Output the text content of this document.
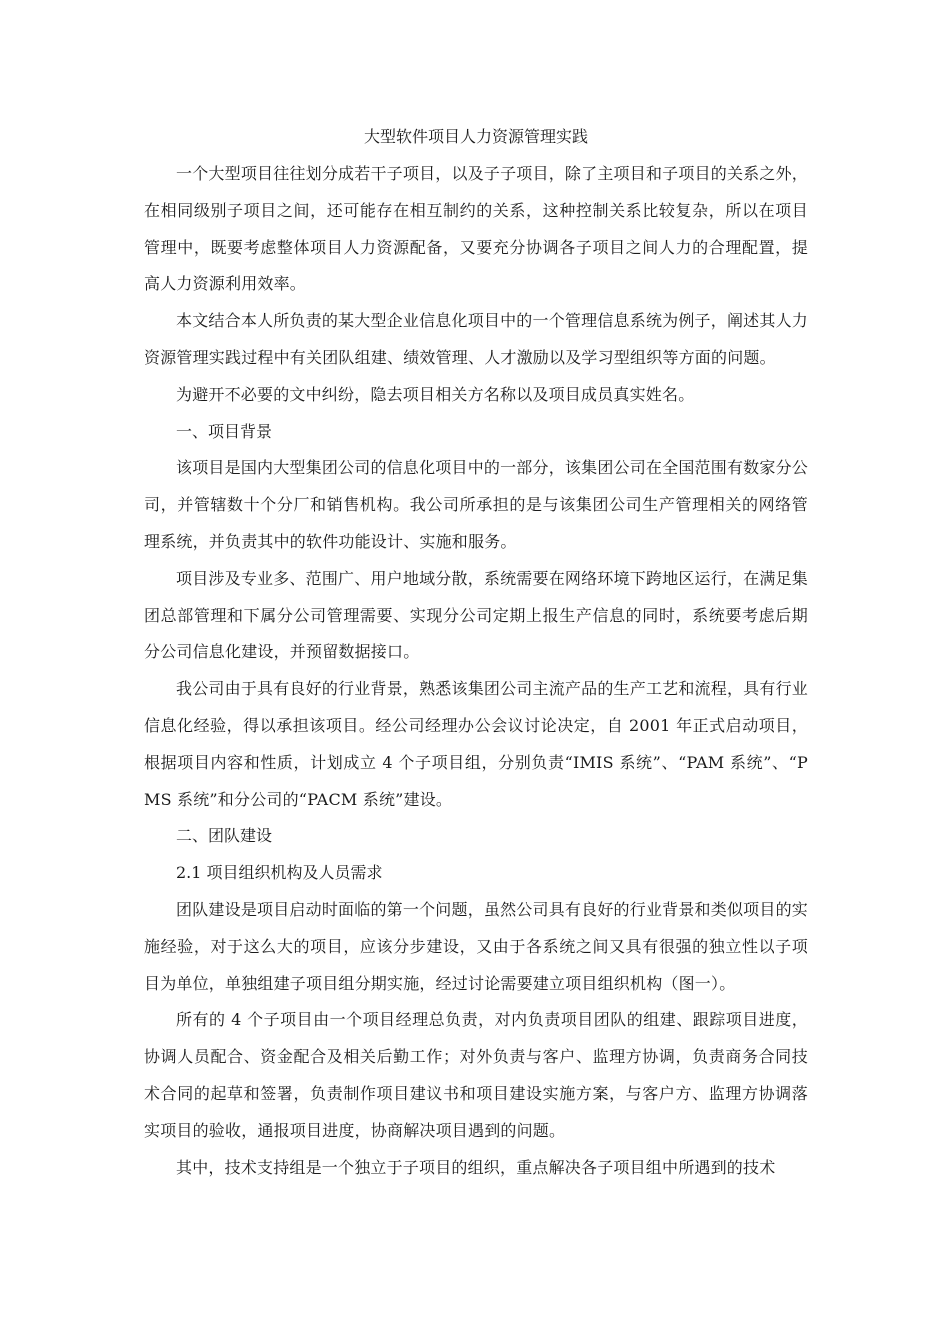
大型软件项目人力资源管理实践

一个大型项目往往划分成若干子项目，以及子子项目，除了主项目和子项目的关系之外，在相同级别子项目之间，还可能存在相互制约的关系，这种控制关系比较复杂，所以在项目管理中，既要考虑整体项目人力资源配备，又要充分协调各子项目之间人力的合理配置，提高人力资源利用效率。

本文结合本人所负责的某大型企业信息化项目中的一个管理信息系统为例子，阐述其人力资源管理实践过程中有关团队组建、绩效管理、人才激励以及学习型组织等方面的问题。

为避开不必要的文中纠纷，隐去项目相关方名称以及项目成员真实姓名。

一、项目背景

该项目是国内大型集团公司的信息化项目中的一部分，该集团公司在全国范围有数家分公司，并管辖数十个分厂和销售机构。我公司所承担的是与该集团公司生产管理相关的网络管理系统，并负责其中的软件功能设计、实施和服务。

项目涉及专业多、范围广、用户地域分散，系统需要在网络环境下跨地区运行，在满足集团总部管理和下属分公司管理需要、实现分公司定期上报生产信息的同时，系统要考虑后期分公司信息化建设，并预留数据接口。

我公司由于具有良好的行业背景，熟悉该集团公司主流产品的生产工艺和流程，具有行业信息化经验，得以承担该项目。经公司经理办公会议讨论决定，自 2001 年正式启动项目，根据项目内容和性质，计划成立 4 个子项目组，分别负责“IMIS 系统”、“PAM 系统”、“PMS 系统”和分公司的“PACM 系统”建设。

二、团队建设

2.1 项目组织机构及人员需求

团队建设是项目启动时面临的第一个问题，虽然公司具有良好的行业背景和类似项目的实施经验，对于这么大的项目，应该分步建设，又由于各系统之间又具有很强的独立性以子项目为单位，单独组建子项目组分期实施，经过讨论需要建立项目组织机构（图一）。

所有的 4 个子项目由一个项目经理总负责，对内负责项目团队的组建、跟踪项目进度，协调人员配合、资金配合及相关后勤工作；对外负责与客户、监理方协调，负责商务合同技术合同的起草和签署，负责制作项目建议书和项目建设实施方案，与客户方、监理方协调落实项目的验收，通报项目进度，协商解决项目遇到的问题。

其中，技术支持组是一个独立于子项目的组织，重点解决各子项目组中所遇到的技术
